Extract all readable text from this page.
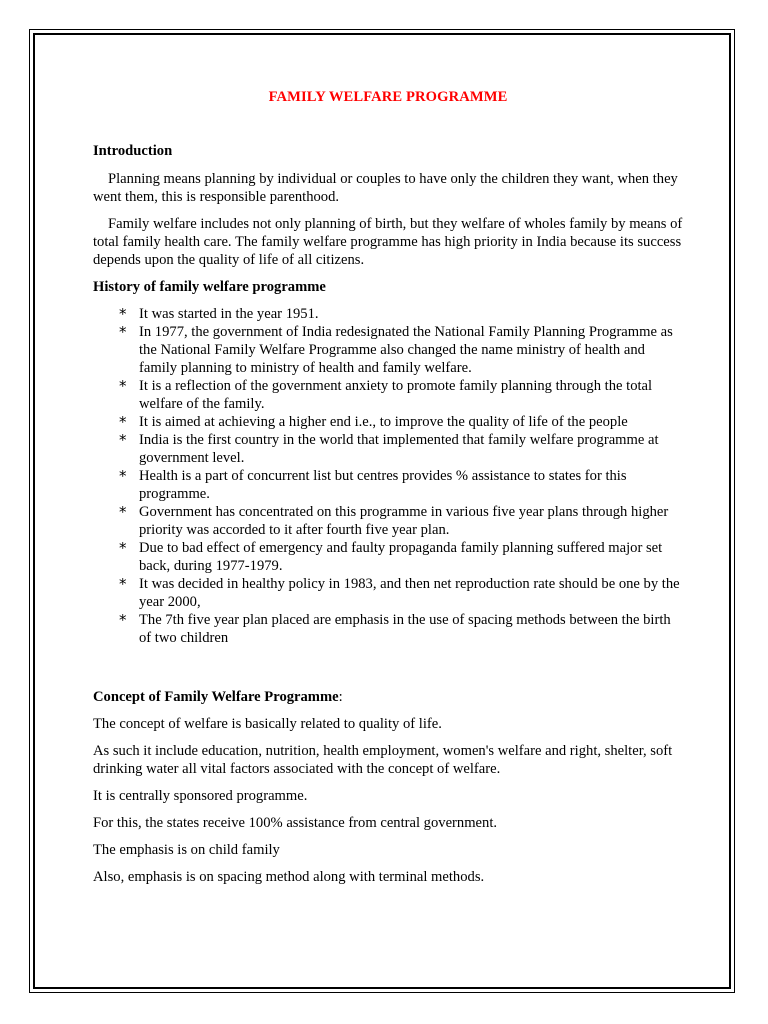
FAMILY WELFARE PROGRAMME
Introduction

Planning means planning by individual or couples to have only the children they want, when they went them, this is responsible parenthood.

Family welfare includes not only planning of birth, but they welfare of wholes family by means of total family health care. The family welfare programme has high priority in India because its success depends upon the quality of life of all citizens.

History of family welfare programme
* It was started in the year 1951.
* In 1977, the government of India redesignated the National Family Planning Programme as the National Family Welfare Programme also changed the name ministry of health and family planning to ministry of health and family welfare.
* It is a reflection of the government anxiety to promote family planning through the total welfare of the family.
* It is aimed at achieving a higher end i.e., to improve the quality of life of the people
* India is the first country in the world that implemented that family welfare programme at government level.
* Health is a part of concurrent list but centres provides % assistance to states for this programme.
* Government has concentrated on this programme in various five year plans through higher priority was accorded to it after fourth five year plan.
* Due to bad effect of emergency and faulty propaganda family planning suffered major set back, during 1977-1979.
* It was decided in healthy policy in 1983, and then net reproduction rate should be one by the year 2000,
* The 7th five year plan placed are emphasis in the use of spacing methods between the birth of two children
Concept of Family Welfare Programme:

The concept of welfare is basically related to quality of life.

As such it include education, nutrition, health employment, women's welfare and right, shelter, soft drinking water all vital factors associated with the concept of welfare.

It is centrally sponsored programme.

For this, the states receive 100% assistance from central government.

The emphasis is on child family

Also, emphasis is on spacing method along with terminal methods.
